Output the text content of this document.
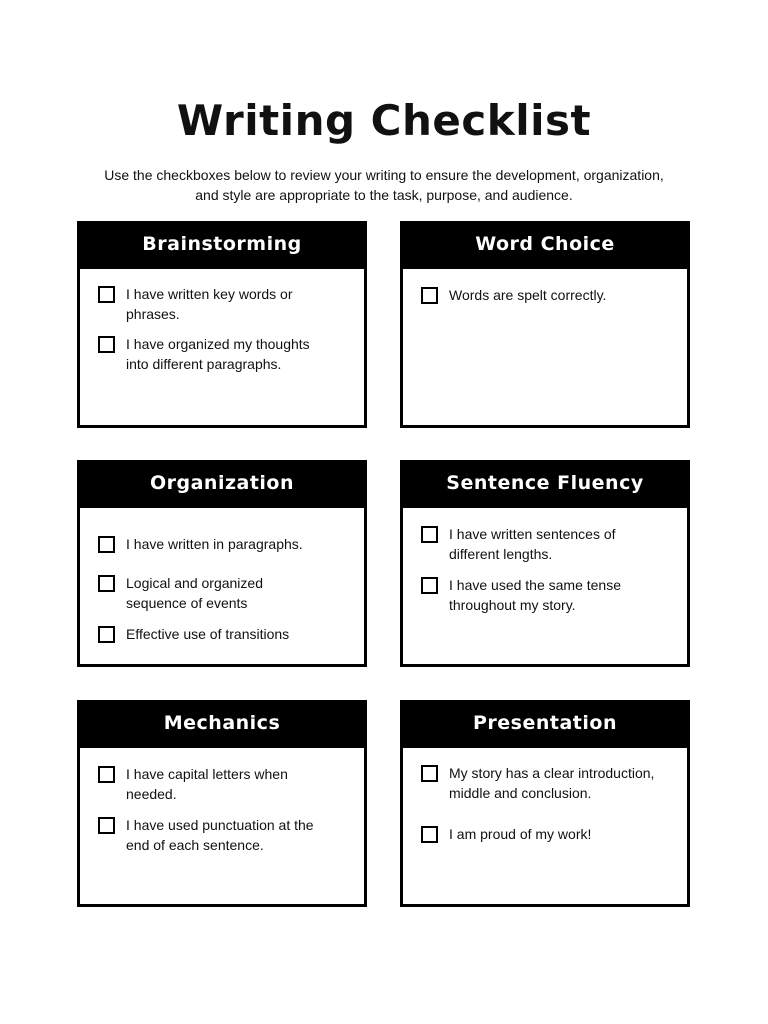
Writing Checklist

Use the checkboxes below to review your writing to ensure the development, organization,
and style are appropriate to the task, purpose, and audience.

Brainstorming
I have written key words or
phrases.
I have organized my thoughts
into different paragraphs.
Word Choice
Words are spelt correctly.
Organization
I have written in paragraphs.
Logical and organized
sequence of events
Effective use of transitions
Sentence Fluency
I have written sentences of
different lengths.
I have used the same tense
throughout my story.
Mechanics
I have capital letters when
needed.
I have used punctuation at the
end of each sentence.
Presentation
My story has a clear introduction,
middle and conclusion.
I am proud of my work!
